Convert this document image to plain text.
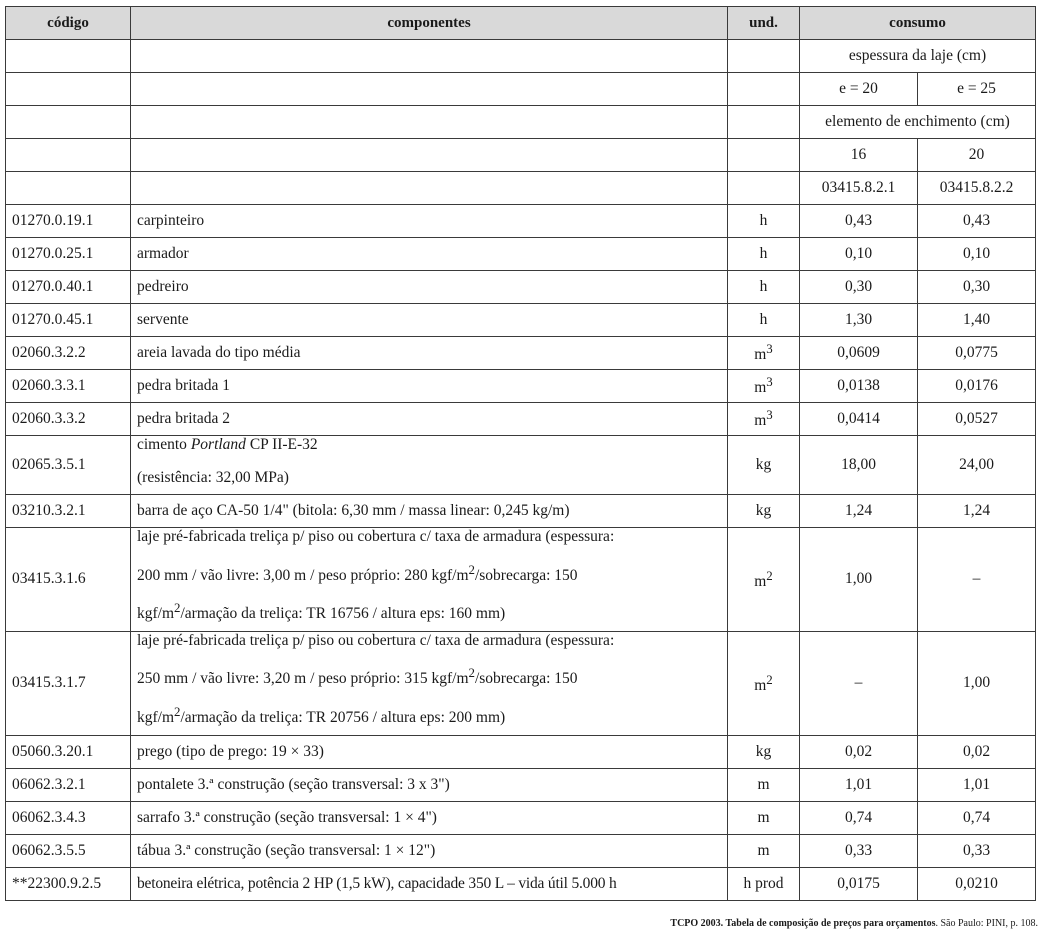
código	componentes	und.	consumo	
			espessura da laje (cm)	
			e = 20	e = 25
			elemento de enchimento (cm)	
			16	20
			03415.8.2.1	03415.8.2.2
01270.0.19.1	carpinteiro	h	0,43	0,43
01270.0.25.1	armador	h	0,10	0,10
01270.0.40.1	pedreiro	h	0,30	0,30
01270.0.45.1	servente	h	1,30	1,40
02060.3.2.2	areia lavada do tipo média	$m^3$	0,0609	0,0775
02060.3.3.1	pedra britada 1	$m^3$	0,0138	0,0176
02060.3.3.2	pedra britada 2	$m^3$	0,0414	0,0527
02065.3.5.1	cimento Portland CP II-E-32
(resistência: 32,00 MPa)	kg	18,00	24,00
03210.3.2.1	barra de aço CA-50 1/4" (bitola: 6,30 mm / massa linear: 0,245 kg/m)	kg	1,24	1,24
03415.3.1.6	laje pré-fabricada treliça p/ piso ou cobertura c/ taxa de armadura (espessura:
200 mm / vão livre: 3,00 m / peso próprio: 280 kgf/$m^2$/sobrecarga: 150
kgf/$m^2$/armação da treliça: TR 16756 / altura eps: 160 mm)	$m^2$	1,00	–
03415.3.1.7	laje pré-fabricada treliça p/ piso ou cobertura c/ taxa de armadura (espessura:
250 mm / vão livre: 3,20 m / peso próprio: 315 kgf/$m^2$/sobrecarga: 150
kgf/$m^2$/armação da treliça: TR 20756 / altura eps: 200 mm)	$m^2$	–	1,00
05060.3.20.1	prego (tipo de prego: 19 × 33)	kg	0,02	0,02
06062.3.2.1	pontalete 3.ª construção (seção transversal: 3 x 3")	m	1,01	1,01
06062.3.4.3	sarrafo 3.ª construção (seção transversal: 1 × 4")	m	0,74	0,74
06062.3.5.5	tábua 3.ª construção (seção transversal: 1 × 12")	m	0,33	0,33
**22300.9.2.5	betoneira elétrica, potência 2 HP (1,5 kW), capacidade 350 L – vida útil 5.000 h	h prod	0,0175	0,0210
TCPO 2003. Tabela de composição de preços para orçamentos. São Paulo: PINI, p. 108.
